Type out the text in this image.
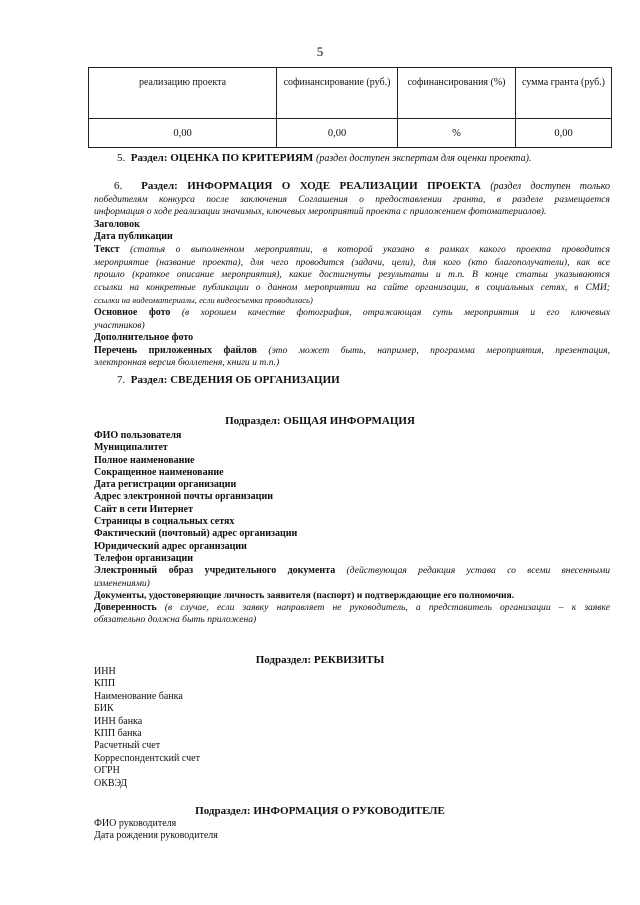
5
реализацию проекта	софинансирование (руб.)	софинансирования (%)	сумма гранта (руб.)
0,00	0,00	%	0,00
5. Раздел: ОЦЕНКА ПО КРИТЕРИЯМ (раздел доступен экспертам для оценки проекта).
6. Раздел: ИНФОРМАЦИЯ О ХОДЕ РЕАЛИЗАЦИИ ПРОЕКТА (раздел доступен только
победителям конкурса после заключения Соглашения о предоставлении гранта, в разделе размещается
информация о ходе реализации значимых, ключевых мероприятий проекта с приложением фотоматериалов).
Заголовок
Дата публикации
Текст (статья о выполненном мероприятии, в которой указано в рамках какого проекта проводится
мероприятие (название проекта), для чего проводится (задачи, цели), для кого (кто благополучатели), как все
прошло (краткое описание мероприятия), какие достигнуты результаты и т.п. В конце статьи указываются
ссылки на конкретные публикации о данном мероприятии на сайте организации, в социальных сетях, в СМИ;
ссылки на видеоматериалы, если видеосъемка проводилась)
Основное фото (в хорошем качестве фотография, отражающая суть мероприятия и его ключевых
участников)
Дополнительное фото
Перечень приложенных файлов (это может быть, например, программа мероприятия, презентация,
электронная версия бюллетеня, книги и т.п.)
7. Раздел: СВЕДЕНИЯ ОБ ОРГАНИЗАЦИИ
Подраздел: ОБЩАЯ ИНФОРМАЦИЯ
ФИО пользователя
Муниципалитет
Полное наименование
Сокращенное наименование
Дата регистрации организации
Адрес электронной почты организации
Сайт в сети Интернет
Страницы в социальных сетях
Фактический (почтовый) адрес организации
Юридический адрес организации
Телефон организации
Электронный образ учредительного документа (действующая редакция устава со всеми внесенными
изменениями)
Документы, удостоверяющие личность заявителя (паспорт) и подтверждающие его полномочия.
Доверенность (в случае, если заявку направляет не руководитель, а представитель организации – к заявке
обязательно должна быть приложена)
Подраздел: РЕКВИЗИТЫ
ИНН
КПП
Наименование банка
БИК
ИНН банка
КПП банка
Расчетный счет
Корреспондентский счет
ОГРН
ОКВЭД
Подраздел: ИНФОРМАЦИЯ О РУКОВОДИТЕЛЕ
ФИО руководителя
Дата рождения руководителя
